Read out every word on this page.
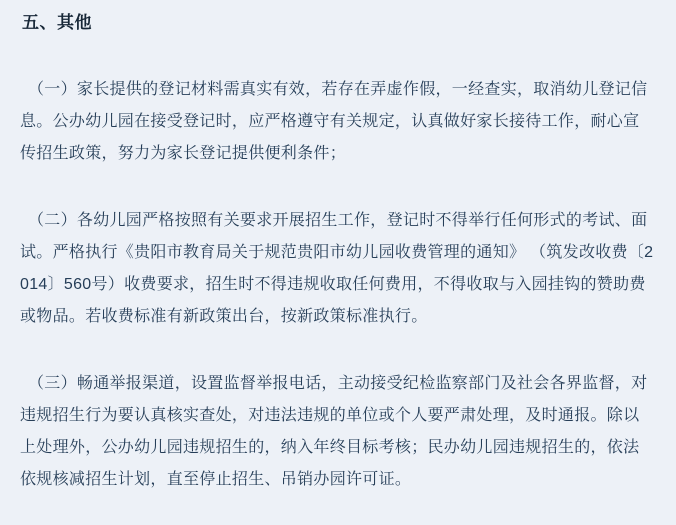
五、其他

（一）家长提供的登记材料需真实有效，若存在弄虚作假，一经查实，取消幼儿登记信息。公办幼儿园在接受登记时，应严格遵守有关规定，认真做好家长接待工作，耐心宣传招生政策，努力为家长登记提供便利条件；

（二）各幼儿园严格按照有关要求开展招生工作，登记时不得举行任何形式的考试、面试。严格执行《贵阳市教育局关于规范贵阳市幼儿园收费管理的通知》 （筑发改收费〔2014〕560号）收费要求，招生时不得违规收取任何费用，不得收取与入园挂钩的赞助费或物品。若收费标准有新政策出台，按新政策标准执行。

（三）畅通举报渠道，设置监督举报电话，主动接受纪检监察部门及社会各界监督，对违规招生行为要认真核实查处，对违法违规的单位或个人要严肃处理，及时通报。除以上处理外，公办幼儿园违规招生的，纳入年终目标考核；民办幼儿园违规招生的，依法依规核减招生计划，直至停止招生、吊销办园许可证。
